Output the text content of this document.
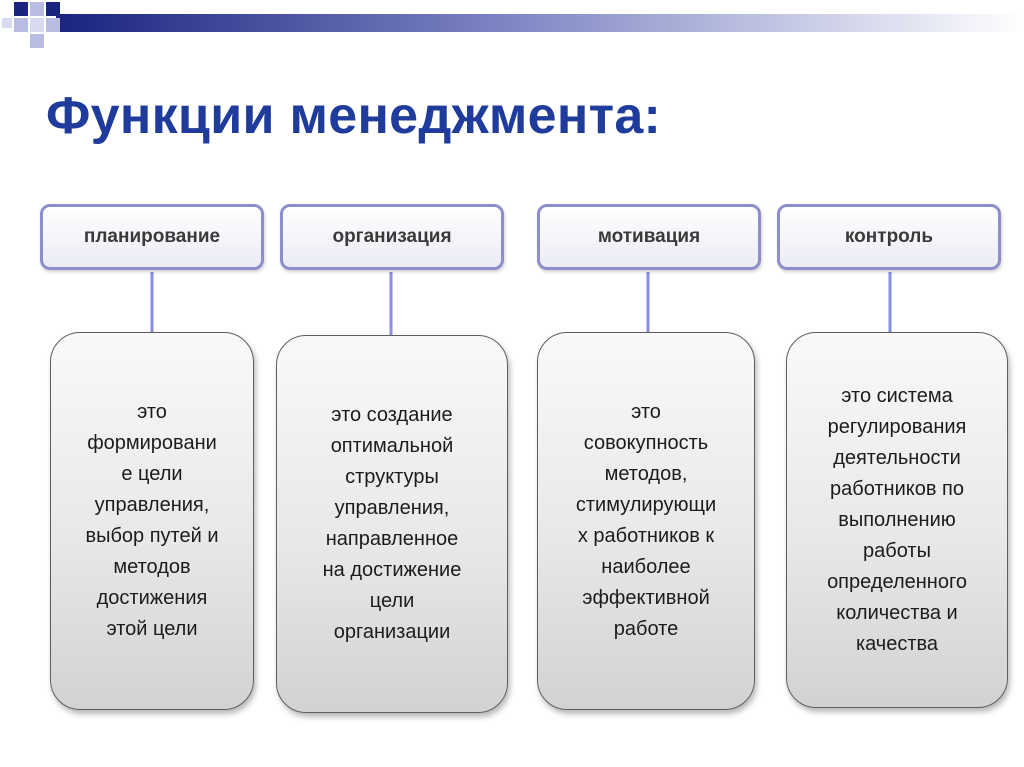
Функции менеджмента:
планирование	организация	мотивация	контроль
это
формировани
е цели
управления,
выбор путей и
методов
достижения
этой цели
это создание
оптимальной
структуры
управления,
направленное
на достижение
цели
организации
это
совокупность
методов,
стимулирующи
х работников к
наиболее
эффективной
работе
это система
регулирования
деятельности
работников по
выполнению
работы
определенного
количества и
качества
